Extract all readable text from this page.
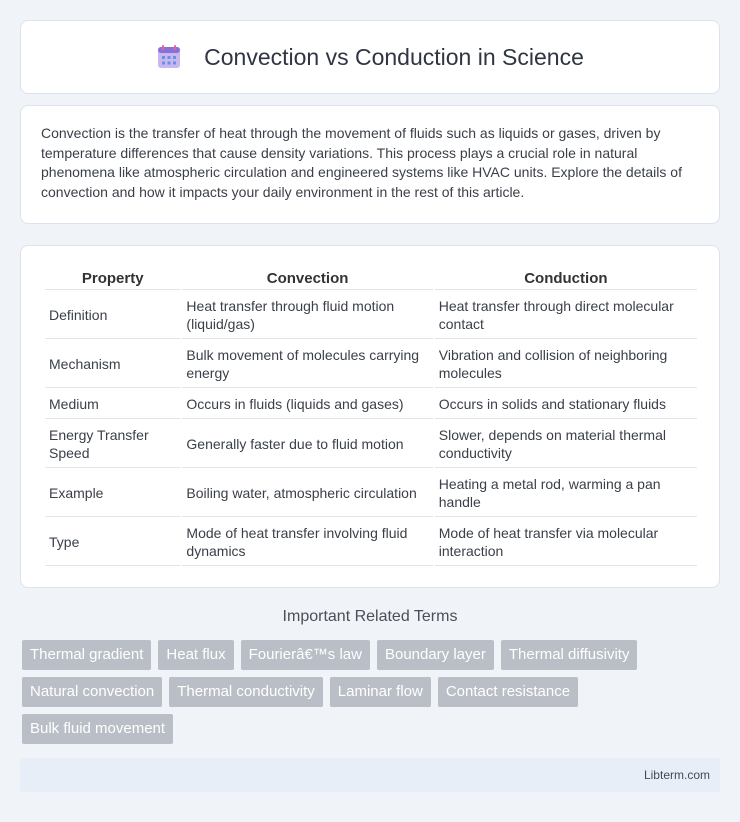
Convection vs Conduction in Science

Convection is the transfer of heat through the movement of fluids such as liquids or gases, driven by temperature differences that cause density variations. This process plays a crucial role in natural phenomena like atmospheric circulation and engineered systems like HVAC units. Explore the details of convection and how it impacts your daily environment in the rest of this article.

Property	Convection	Conduction
Definition	Heat transfer through fluid motion (liquid/gas)	Heat transfer through direct molecular contact
Mechanism	Bulk movement of molecules carrying energy	Vibration and collision of neighboring molecules
Medium	Occurs in fluids (liquids and gases)	Occurs in solids and stationary fluids
Energy Transfer Speed	Generally faster due to fluid motion	Slower, depends on material thermal conductivity
Example	Boiling water, atmospheric circulation	Heating a metal rod, warming a pan handle
Type	Mode of heat transfer involving fluid dynamics	Mode of heat transfer via molecular interaction
Important Related Terms
Thermal gradient	Heat flux	Fourierâ€™s law	Boundary layer	Thermal diffusivity
Natural convection	Thermal conductivity	Laminar flow	Contact resistance
Bulk fluid movement
Libterm.com
